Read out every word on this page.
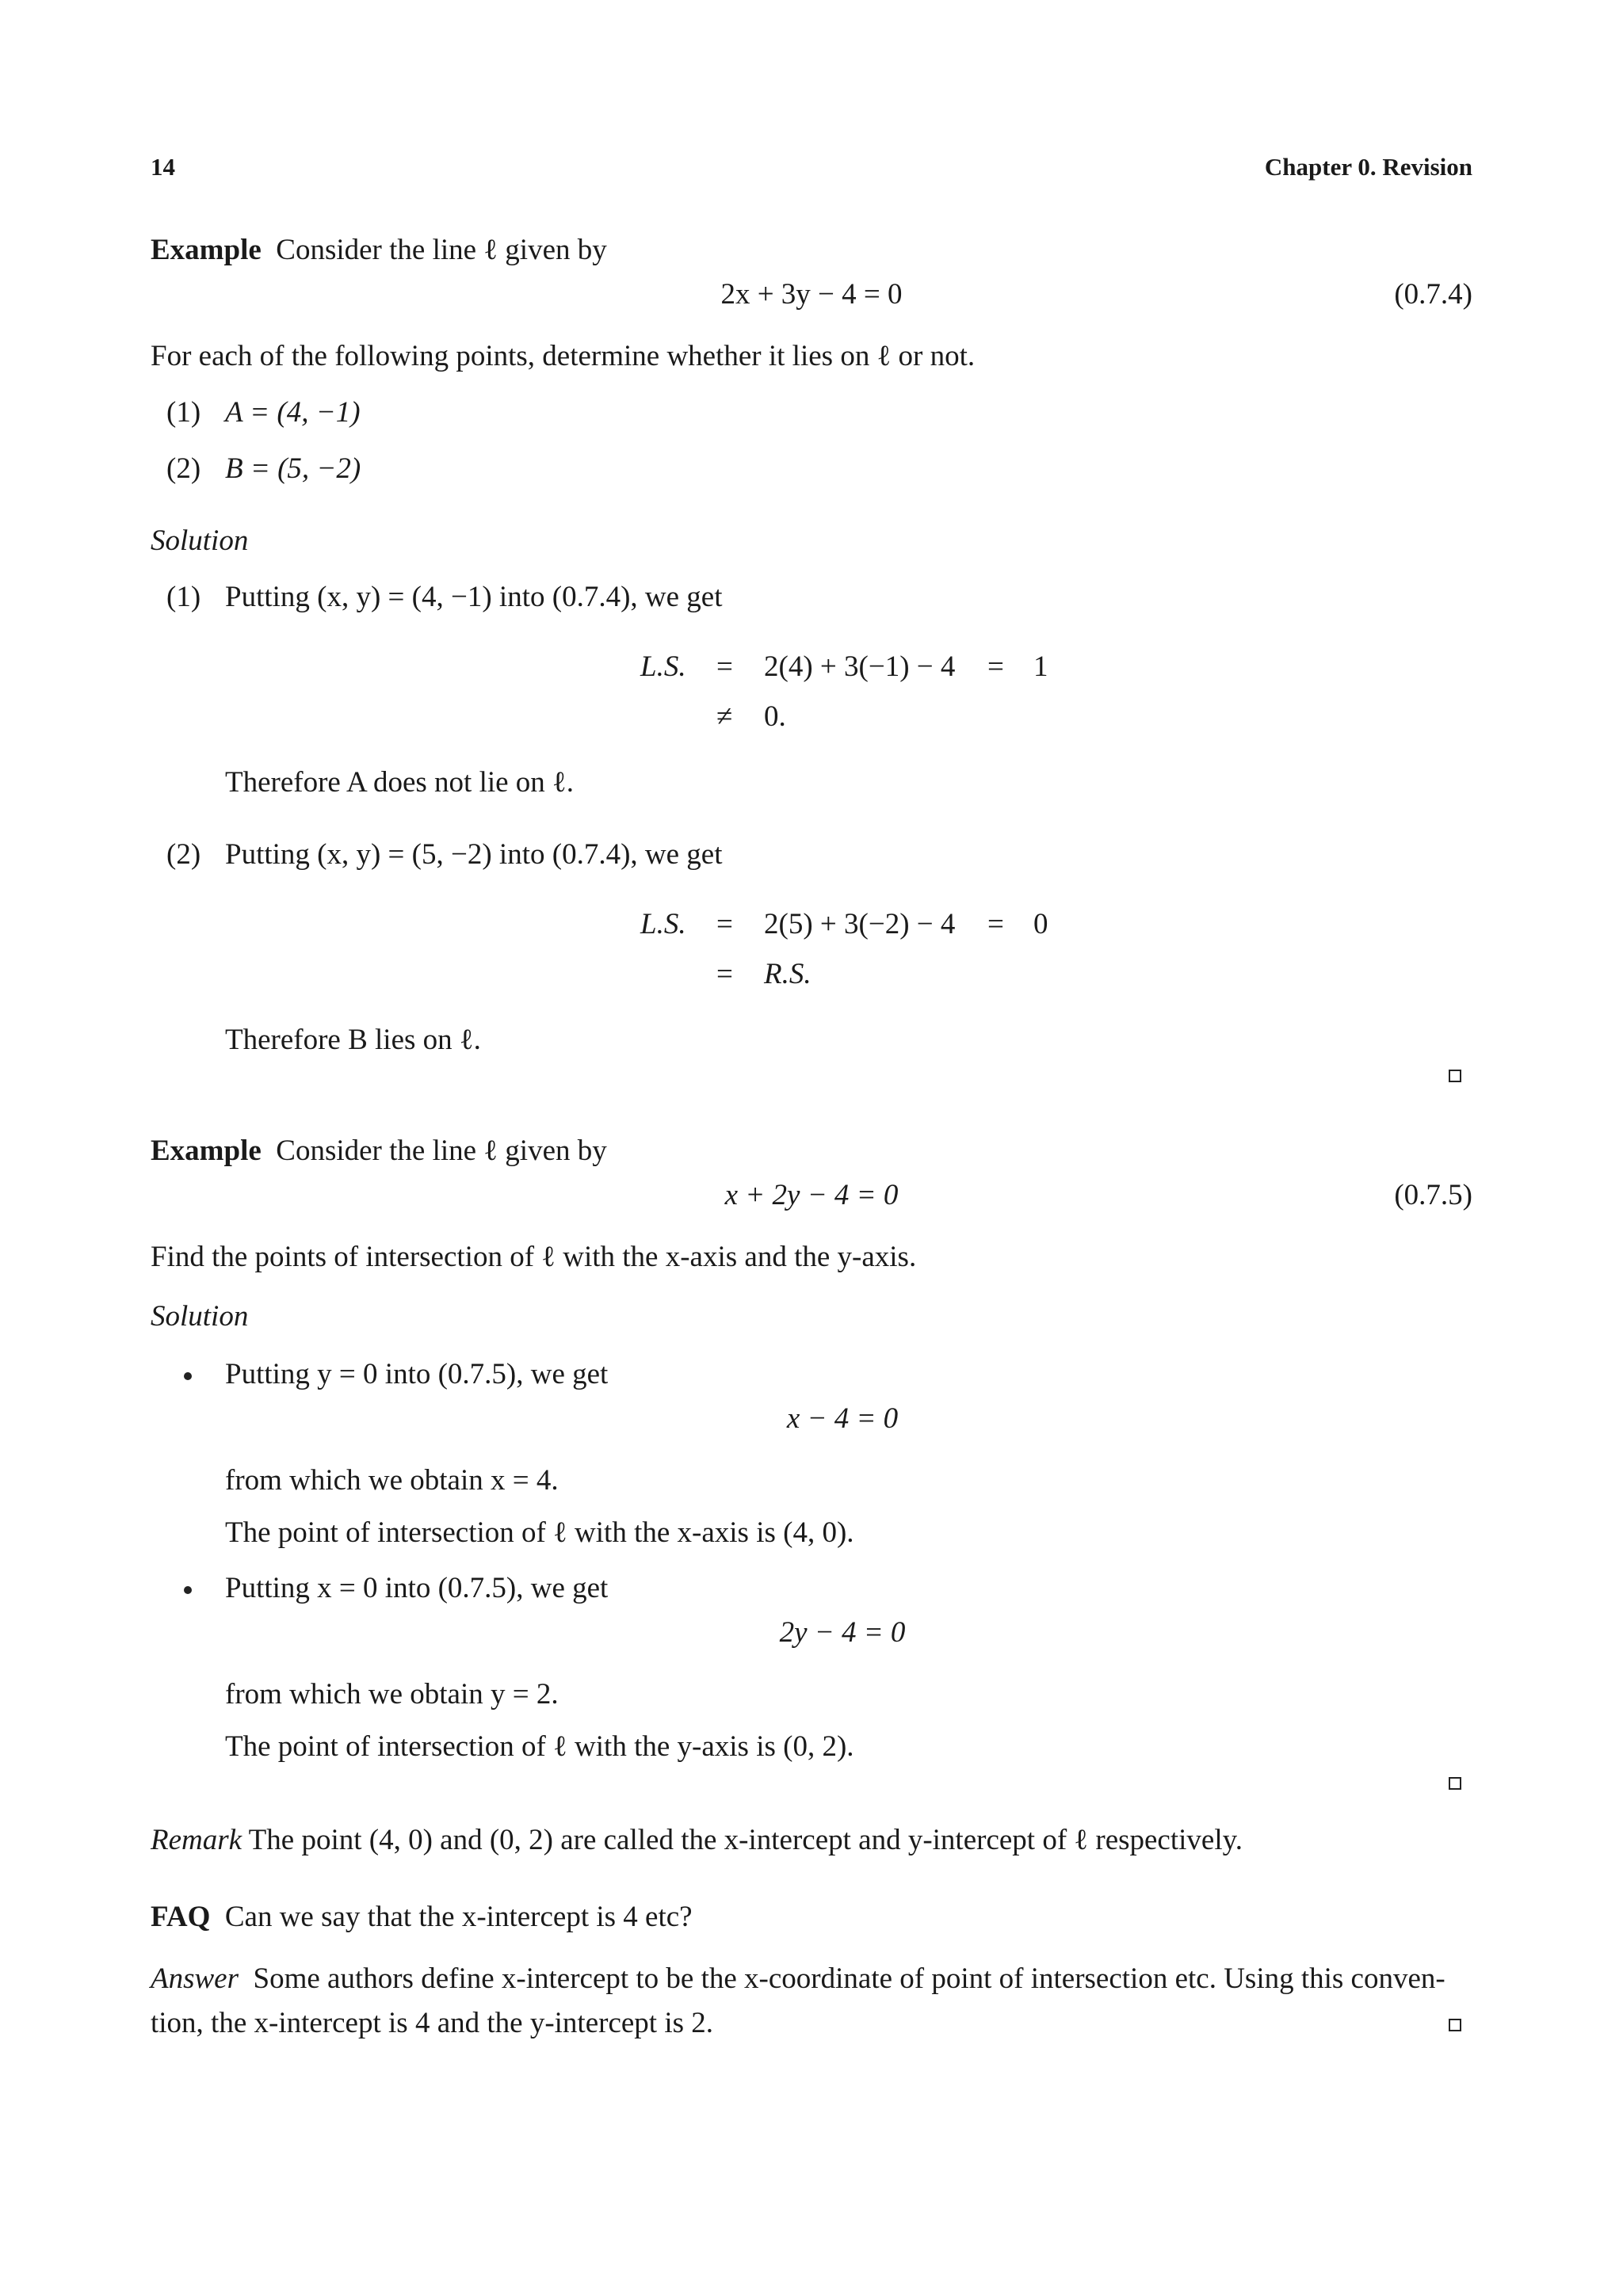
14	Chapter 0. Revision
Example Consider the line ℓ given by
2x + 3y − 4 = 0	(0.7.4)
For each of the following points, determine whether it lies on ℓ or not.
(1) A = (4, −1)
(2) B = (5, −2)
Solution
(1) Putting (x, y) = (4, −1) into (0.7.4), we get
L.S. = 2(4) + 3(−1) − 4 = 1
≠ 0.
Therefore A does not lie on ℓ.
(2) Putting (x, y) = (5, −2) into (0.7.4), we get
L.S. = 2(5) + 3(−2) − 4 = 0
= R.S.
Therefore B lies on ℓ.
Example Consider the line ℓ given by
x + 2y − 4 = 0	(0.7.5)
Find the points of intersection of ℓ with the x-axis and the y-axis.
Solution
Putting y = 0 into (0.7.5), we get
x − 4 = 0
from which we obtain x = 4.
The point of intersection of ℓ with the x-axis is (4, 0).
Putting x = 0 into (0.7.5), we get
2y − 4 = 0
from which we obtain y = 2.
The point of intersection of ℓ with the y-axis is (0, 2).
Remark The point (4, 0) and (0, 2) are called the x-intercept and y-intercept of ℓ respectively.
FAQ Can we say that the x-intercept is 4 etc?
Answer Some authors define x-intercept to be the x-coordinate of point of intersection etc. Using this conven-
tion, the x-intercept is 4 and the y-intercept is 2.
